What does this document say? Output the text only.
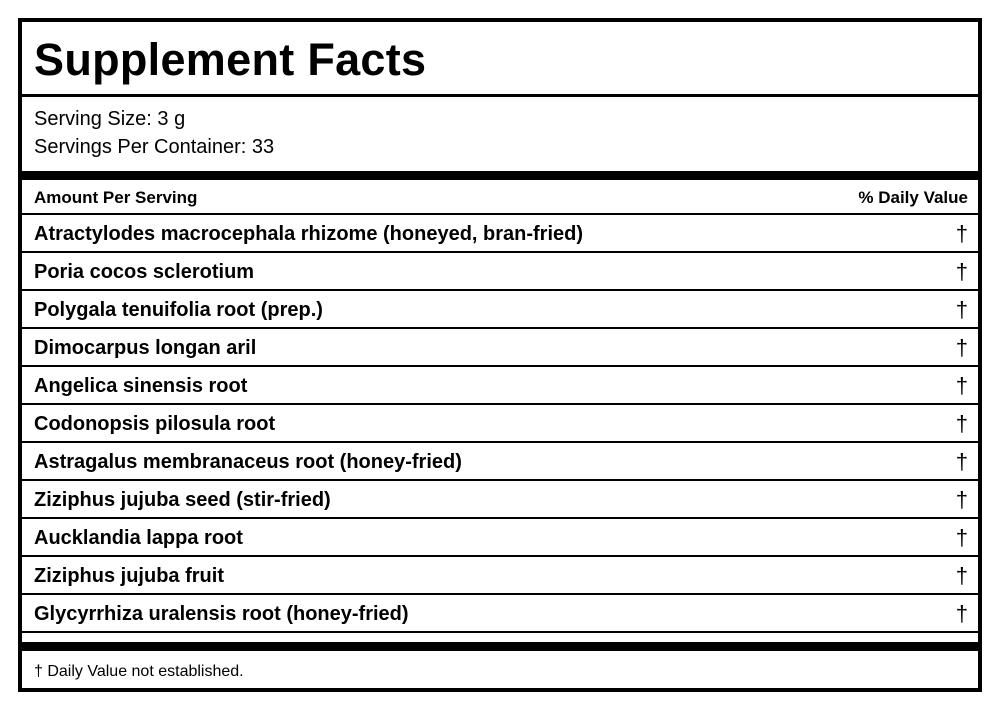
Supplement Facts
Serving Size: 3 g
Servings Per Container: 33
Amount Per Serving	% Daily Value
Atractylodes macrocephala rhizome (honeyed, bran-fried)	†
Poria cocos sclerotium	†
Polygala tenuifolia root (prep.)	†
Dimocarpus longan aril	†
Angelica sinensis root	†
Codonopsis pilosula root	†
Astragalus membranaceus root (honey-fried)	†
Ziziphus jujuba seed (stir-fried)	†
Aucklandia lappa root	†
Ziziphus jujuba fruit	†
Glycyrrhiza uralensis root (honey-fried)	†
† Daily Value not established.
